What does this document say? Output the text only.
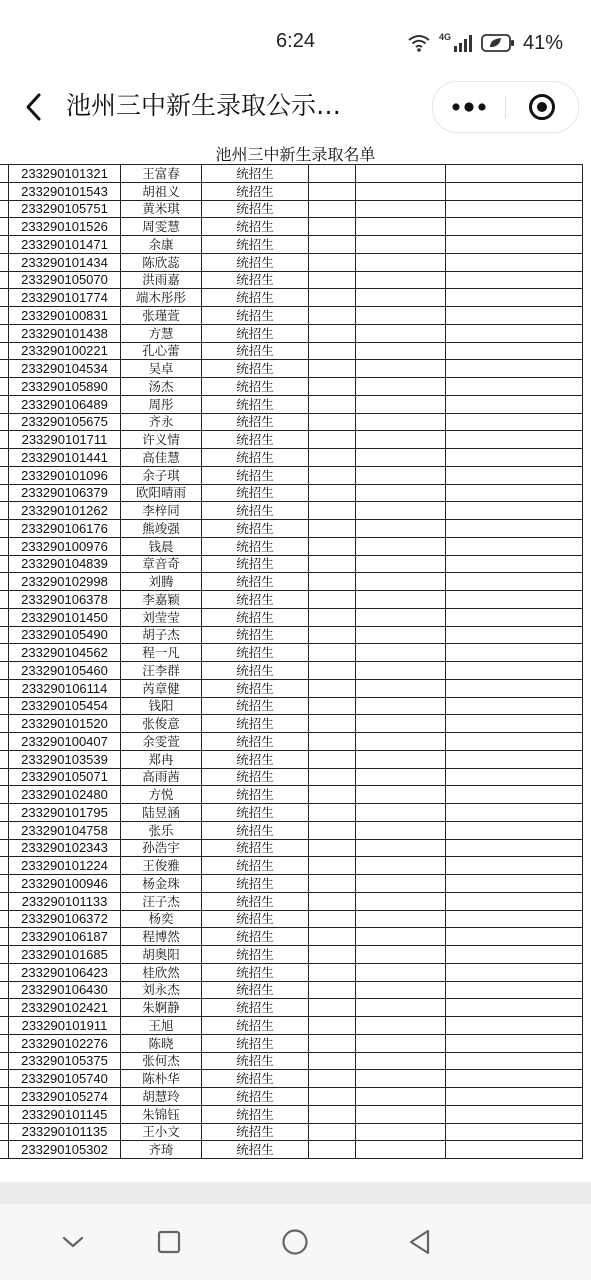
6:24	4G	41%
池州三中新生录取公示…
池州三中新生录取名单
	233290101321	王富春	统招生			
	233290101543	胡祖义	统招生			
	233290105751	黄米琪	统招生			
	233290101526	周雯慧	统招生			
	233290101471	余康	统招生			
	233290101434	陈欣蕊	统招生			
	233290105070	洪雨嘉	统招生			
	233290101774	端木彤彤	统招生			
	233290100831	张瑾萱	统招生			
	233290101438	方慧	统招生			
	233290100221	孔心蕾	统招生			
	233290104534	吴卓	统招生			
	233290105890	汤杰	统招生			
	233290106489	周彤	统招生			
	233290105675	齐永	统招生			
	233290101711	许义情	统招生			
	233290101441	高佳慧	统招生			
	233290101096	余子琪	统招生			
	233290106379	欧阳晴雨	统招生			
	233290101262	李梓同	统招生			
	233290106176	熊竣强	统招生			
	233290100976	钱晨	统招生			
	233290104839	章音奇	统招生			
	233290102998	刘腾	统招生			
	233290106378	李嘉颖	统招生			
	233290101450	刘莹莹	统招生			
	233290105490	胡子杰	统招生			
	233290104562	程一凡	统招生			
	233290105460	汪李群	统招生			
	233290106114	芮章健	统招生			
	233290105454	钱阳	统招生			
	233290101520	张俊意	统招生			
	233290100407	余雯萱	统招生			
	233290103539	郑冉	统招生			
	233290105071	高雨茜	统招生			
	233290102480	方悦	统招生			
	233290101795	陆昱涵	统招生			
	233290104758	张乐	统招生			
	233290102343	孙浩宇	统招生			
	233290101224	王俊雅	统招生			
	233290100946	杨金珠	统招生			
	233290101133	汪子杰	统招生			
	233290106372	杨奕	统招生			
	233290106187	程博然	统招生			
	233290101685	胡奥阳	统招生			
	233290106423	桂欣然	统招生			
	233290106430	刘永杰	统招生			
	233290102421	朱婀静	统招生			
	233290101911	王旭	统招生			
	233290102276	陈晓	统招生			
	233290105375	张何杰	统招生			
	233290105740	陈朴华	统招生			
	233290105274	胡慧玲	统招生			
	233290101145	朱锦钰	统招生			
	233290101135	王小文	统招生			
	233290105302	齐琦	统招生			
